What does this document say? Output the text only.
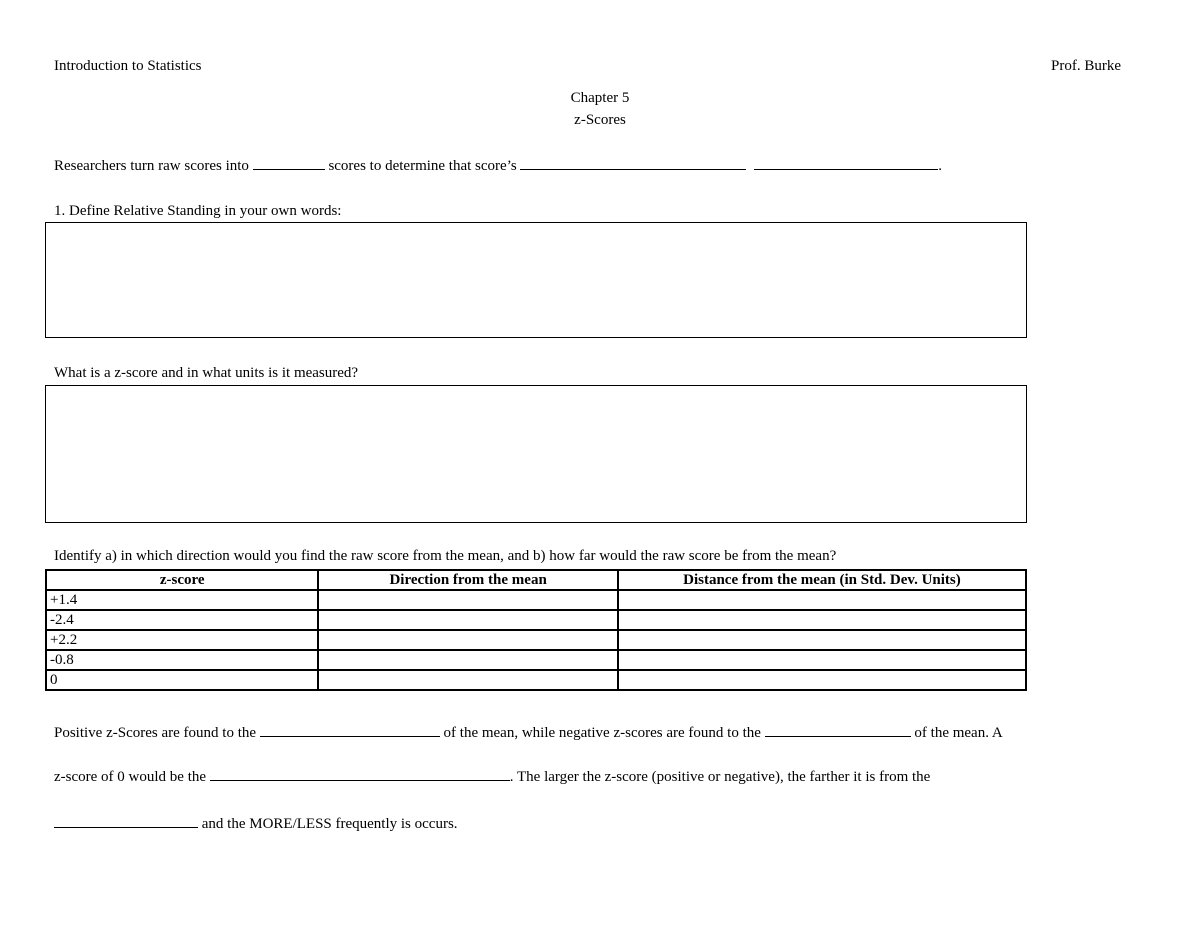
Introduction to Statistics	Prof. Burke
Chapter 5
z-Scores
Researchers turn raw scores into	scores to determine that score’s	.
1. Define Relative Standing in your own words:
What is a z-score and in what units is it measured?
Identify a) in which direction would you find the raw score from the mean, and b) how far would the raw score be from the mean?
z-score	Direction from the mean	Distance from the mean (in Std. Dev. Units)
+1.4		
-2.4		
+2.2		
-0.8		
0		
Positive z-Scores are found to the	of the mean, while negative z-scores are found to the	of the mean. A
z-score of 0 would be the	. The larger the z-score (positive or negative), the farther it is from the
and the MORE/LESS frequently is occurs.
